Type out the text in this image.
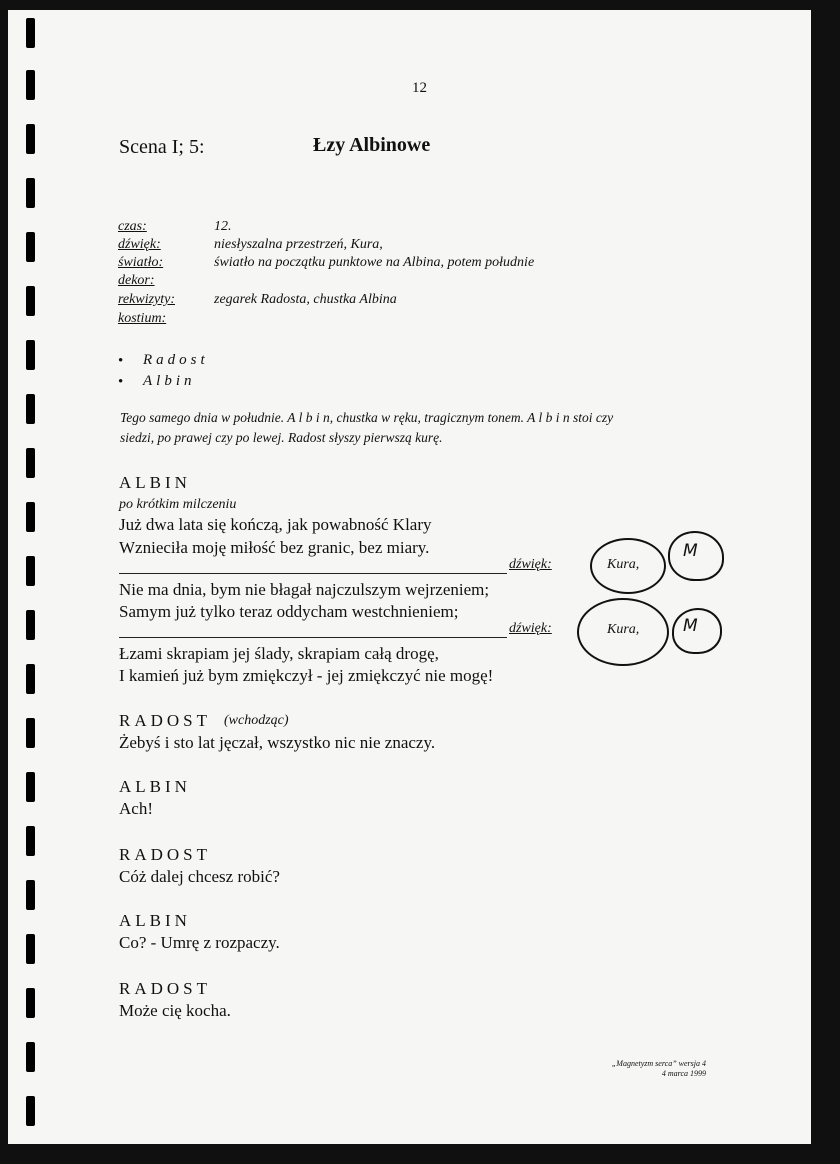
12
Scena I; 5:	Łzy Albinowe
czas:	12.
dźwięk:	niesłyszalna przestrzeń, Kura,
światło:	światło na początku punktowe na Albina, potem południe
dekor:
rekwizyty:	zegarek Radosta, chustka Albina
kostium:
• Radost
• Albin
Tego samego dnia w południe. A l b i n, chustka w ręku, tragicznym tonem. A l b i n stoi czy
siedzi, po prawej czy po lewej. Radost słyszy pierwszą kurę.
ALBIN
po krótkim milczeniu
Już dwa lata się kończą, jak powabność Klary
Wznieciła moję miłość bez granic, bez miary.
dźwięk:
Nie ma dnia, bym nie błagał najczulszym wejrzeniem;
Samym już tylko teraz oddycham westchnieniem;
dźwięk:
Łzami skrapiam jej ślady, skrapiam całą drogę,
I kamień już bym zmiękczył - jej zmiękczyć nie mogę!
Kura,
M
Kura,	M
RADOST (wchodząc)
Żebyś i sto lat jęczał, wszystko nic nie znaczy.
ALBIN
Ach!
RADOST
Cóż dalej chcesz robić?
ALBIN
Co? - Umrę z rozpaczy.
RADOST
Może cię kocha.
„Magnetyzm serca” wersja 4
4 marca 1999
